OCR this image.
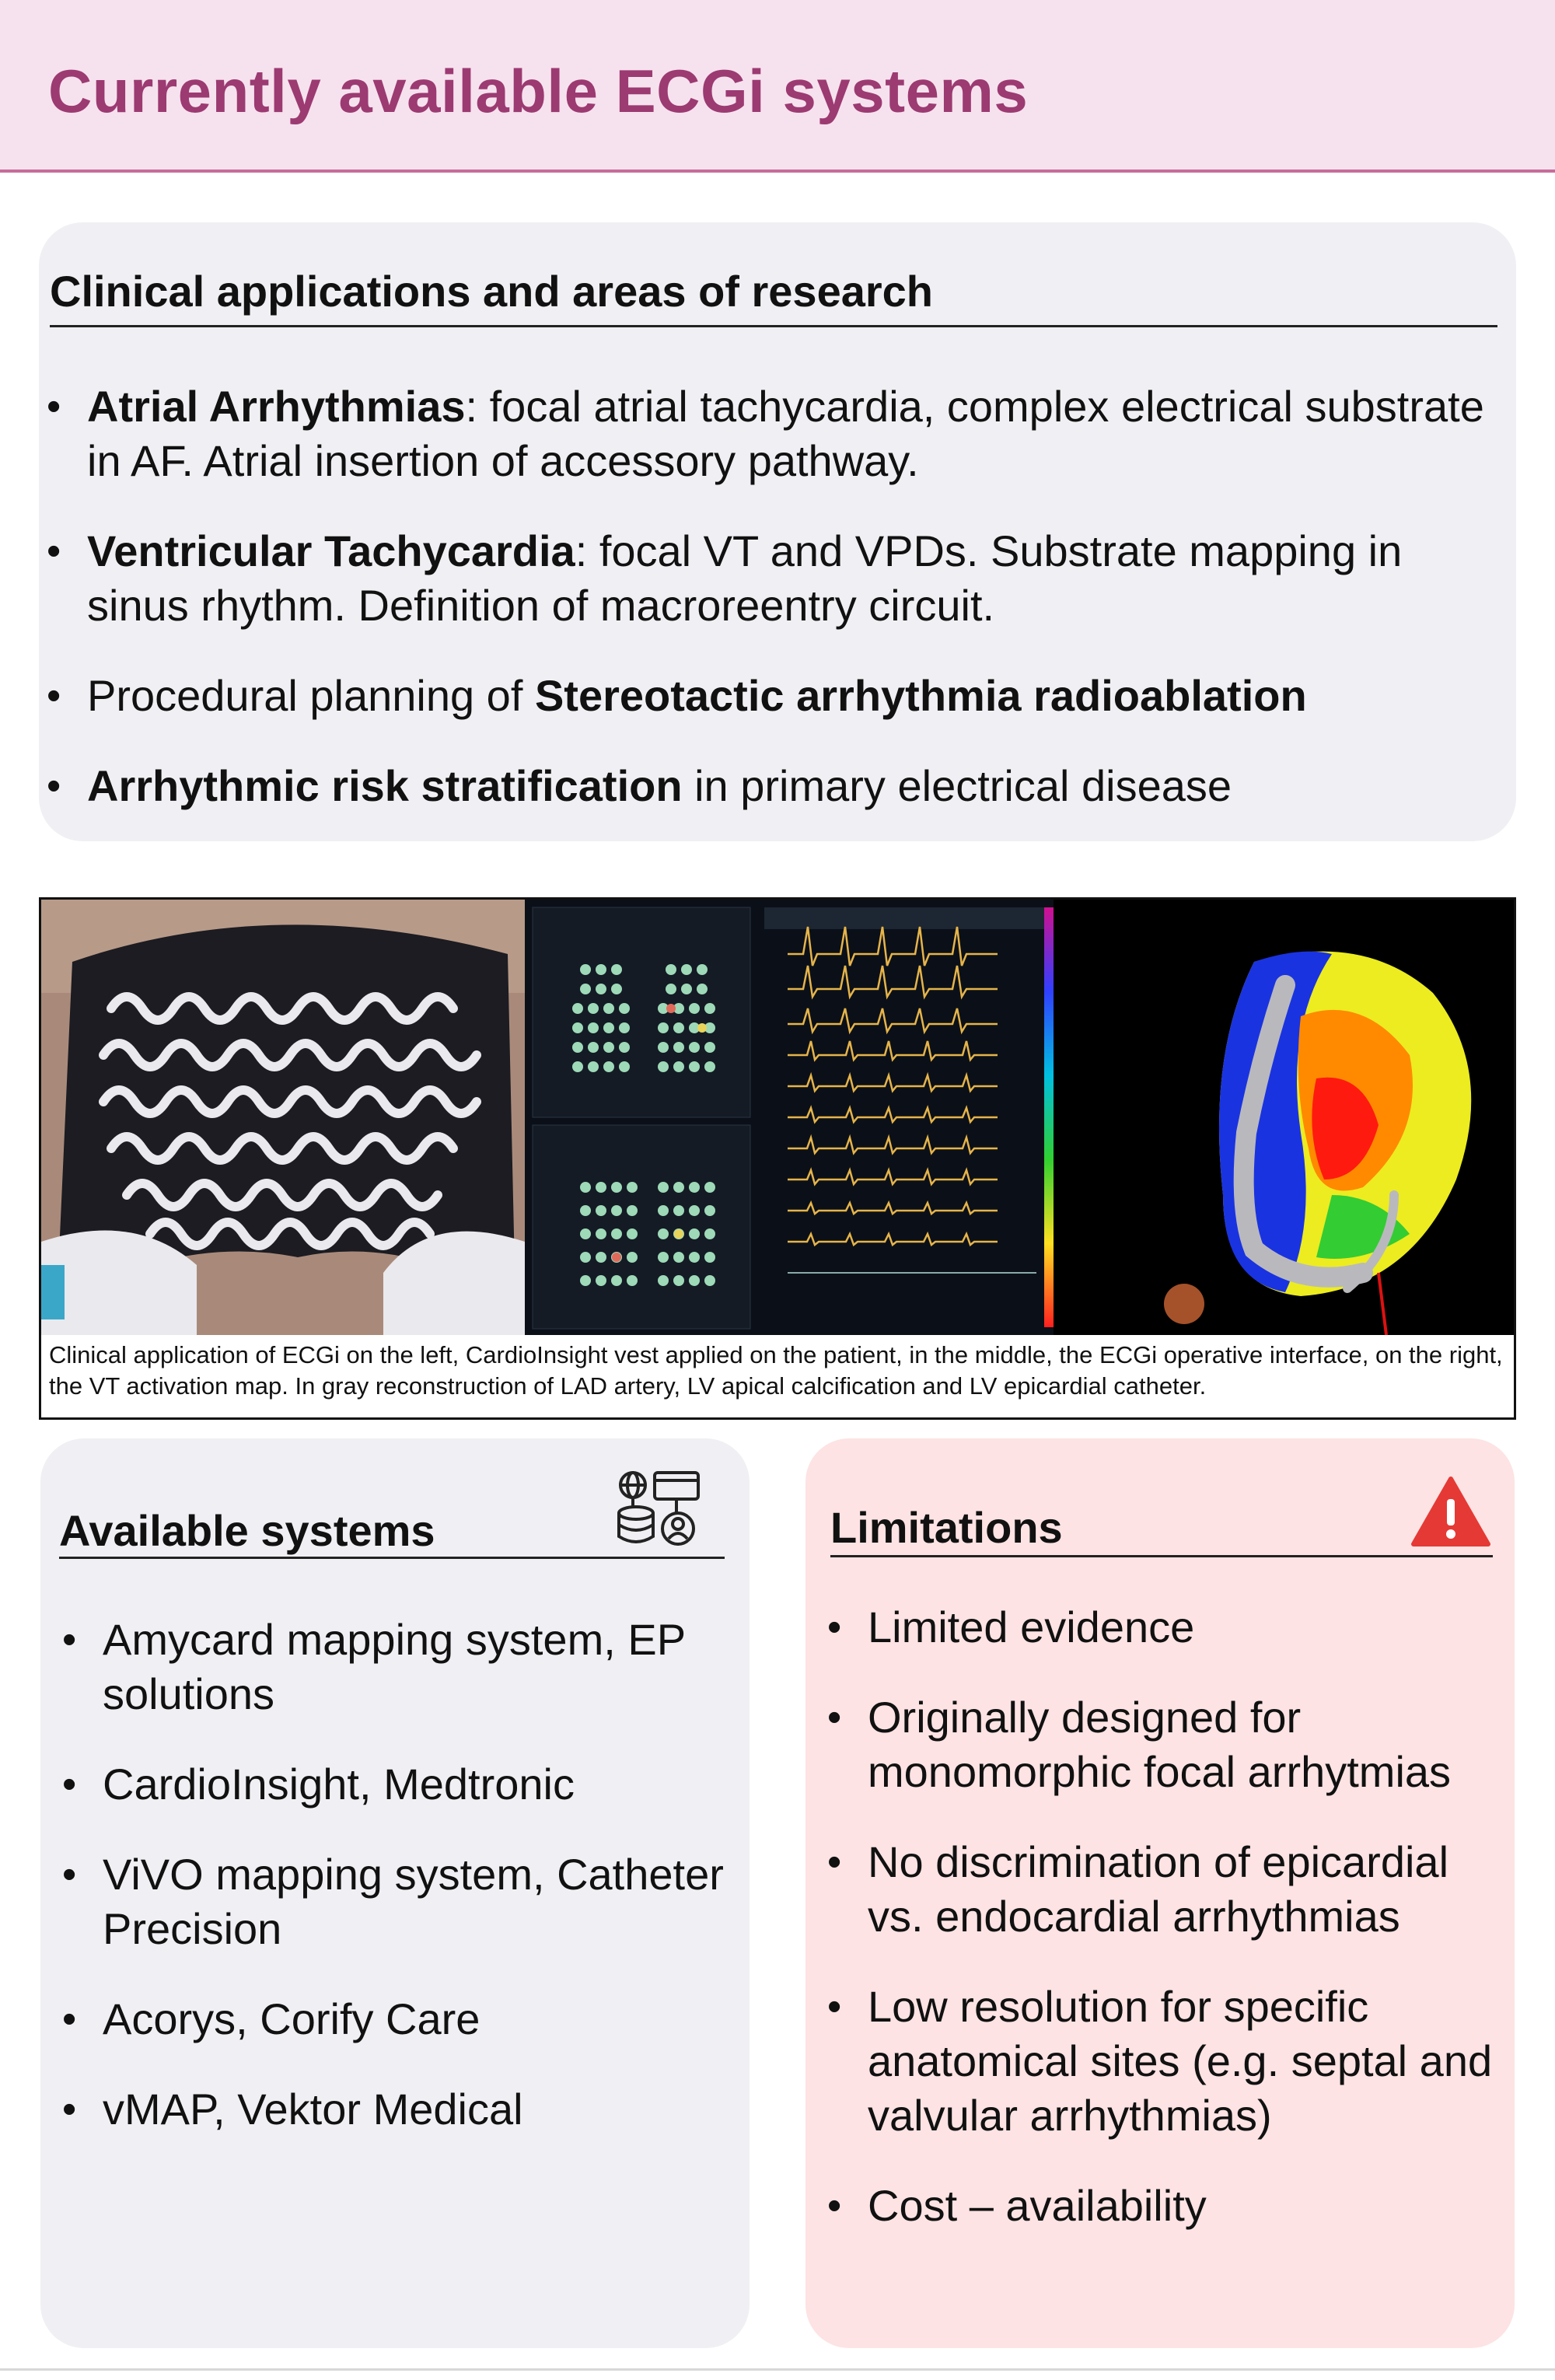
Currently available ECGi systems
Clinical applications and areas of research
• Atrial Arrhythmias: focal atrial tachycardia, complex electrical substrate in AF. Atrial insertion of accessory pathway.
• Ventricular Tachycardia: focal VT and VPDs. Substrate mapping in sinus rhythm. Definition of macroreentry circuit.
• Procedural planning of Stereotactic arrhythmia radioablation
• Arrhythmic risk stratification in primary electrical disease
Clinical application of ECGi on the left, CardioInsight vest applied on the patient, in the middle, the ECGi operative interface, on the right, the VT activation map. In gray reconstruction of LAD artery, LV apical calcification and LV epicardial catheter.
Available systems
• Amycard mapping system, EP solutions
• CardioInsight, Medtronic
• ViVO mapping system, Catheter Precision
• Acorys, Corify Care
• vMAP, Vektor Medical
Limitations
• Limited evidence
• Originally designed for monomorphic focal arrhytmias
• No discrimination of epicardial vs. endocardial arrhythmias
• Low resolution for specific anatomical sites (e.g. septal and valvular arrhythmias)
• Cost – availability
